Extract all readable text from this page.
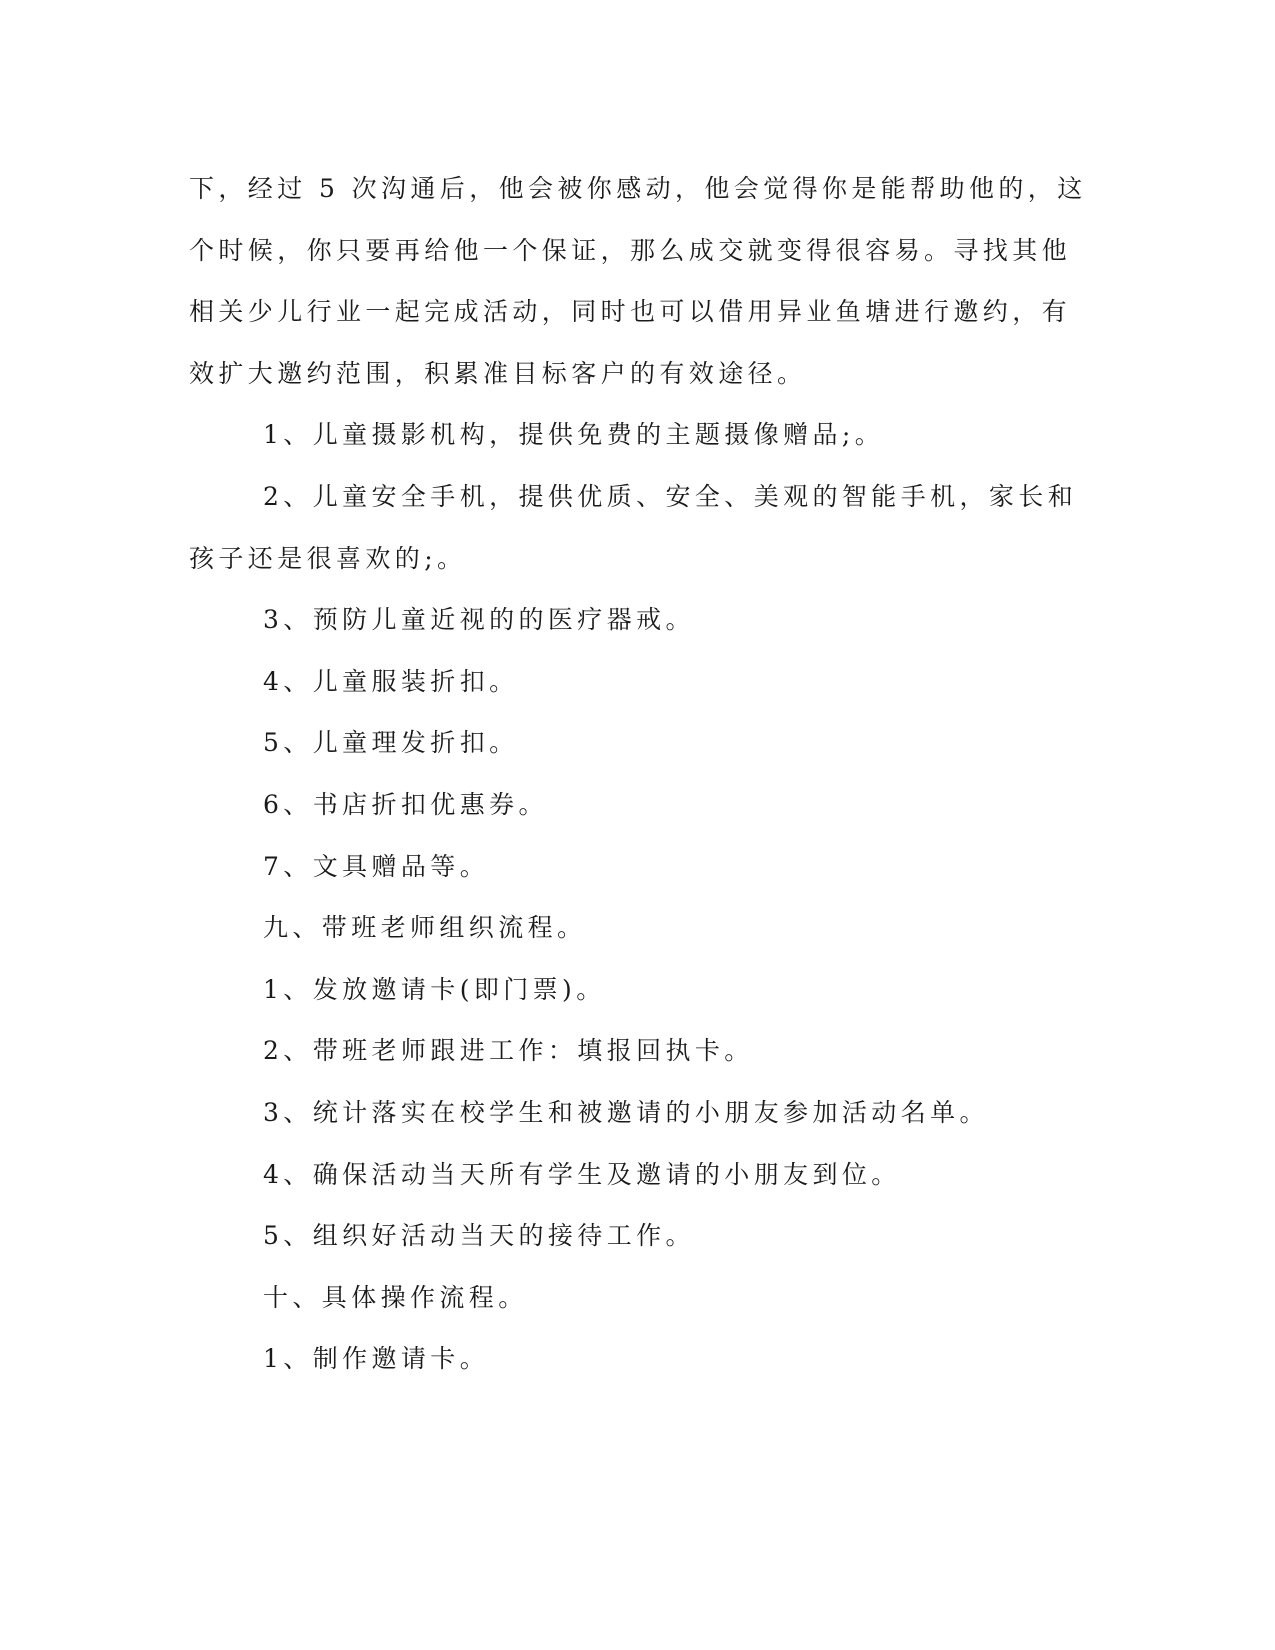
下，经过 5 次沟通后，他会被你感动，他会觉得你是能帮助他的，这
个时候，你只要再给他一个保证，那么成交就变得很容易。寻找其他
相关少儿行业一起完成活动，同时也可以借用异业鱼塘进行邀约，有
效扩大邀约范围，积累准目标客户的有效途径。
1、儿童摄影机构，提供免费的主题摄像赠品;。
2、儿童安全手机，提供优质、安全、美观的智能手机，家长和
孩子还是很喜欢的;。
3、预防儿童近视的的医疗器戒。
4、儿童服装折扣。
5、儿童理发折扣。
6、书店折扣优惠券。
7、文具赠品等。
九、带班老师组织流程。
1、发放邀请卡(即门票)。
2、带班老师跟进工作：填报回执卡。
3、统计落实在校学生和被邀请的小朋友参加活动名单。
4、确保活动当天所有学生及邀请的小朋友到位。
5、组织好活动当天的接待工作。
十、具体操作流程。
1、制作邀请卡。
